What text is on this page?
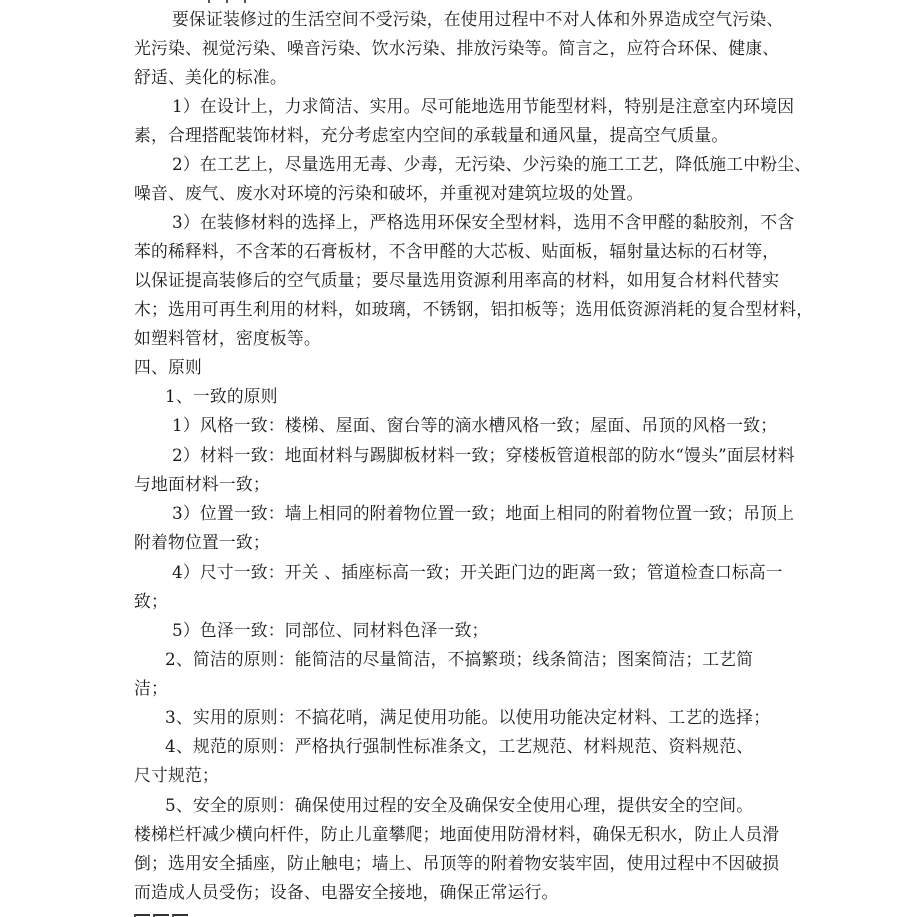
要保证装修过的生活空间不受污染，在使用过程中不对人体和外界造成空气污染、
光污染、视觉污染、噪音污染、饮水污染、排放污染等。简言之，应符合环保、健康、
舒适、美化的标准。
1）在设计上，力求简洁、实用。尽可能地选用节能型材料，特别是注意室内环境因
素，合理搭配装饰材料，充分考虑室内空间的承载量和通风量，提高空气质量。
2）在工艺上，尽量选用无毒、少毒，无污染、少污染的施工工艺，降低施工中粉尘、
噪音、废气、废水对环境的污染和破坏，并重视对建筑垃圾的处置。
3）在装修材料的选择上，严格选用环保安全型材料，选用不含甲醛的黏胶剂，不含
苯的稀释料，不含苯的石膏板材，不含甲醛的大芯板、贴面板，辐射量达标的石材等，
以保证提高装修后的空气质量；要尽量选用资源利用率高的材料，如用复合材料代替实
木；选用可再生利用的材料，如玻璃，不锈钢，铝扣板等；选用低资源消耗的复合型材料，
如塑料管材，密度板等。
四、原则
1、一致的原则
1）风格一致：楼梯、屋面、窗台等的滴水槽风格一致；屋面、吊顶的风格一致；
2）材料一致：地面材料与踢脚板材料一致；穿楼板管道根部的防水“馒头”面层材料
与地面材料一致；
3）位置一致：墙上相同的附着物位置一致；地面上相同的附着物位置一致；吊顶上
附着物位置一致；
4）尺寸一致：开关 、插座标高一致；开关距门边的距离一致；管道检查口标高一
致；
5）色泽一致：同部位、同材料色泽一致；
2、简洁的原则：能简洁的尽量简洁，不搞繁琐；线条简洁；图案简洁；工艺简
洁；
3、实用的原则：不搞花哨，满足使用功能。以使用功能决定材料、工艺的选择；
4、规范的原则：严格执行强制性标准条文，工艺规范、材料规范、资料规范、
尺寸规范；
5、安全的原则：确保使用过程的安全及确保安全使用心理，提供安全的空间。
楼梯栏杆减少横向杆件，防止儿童攀爬；地面使用防滑材料，确保无积水，防止人员滑
倒；选用安全插座，防止触电；墙上、吊顶等的附着物安装牢固，使用过程中不因破损
而造成人员受伤；设备、电器安全接地，确保正常运行。
